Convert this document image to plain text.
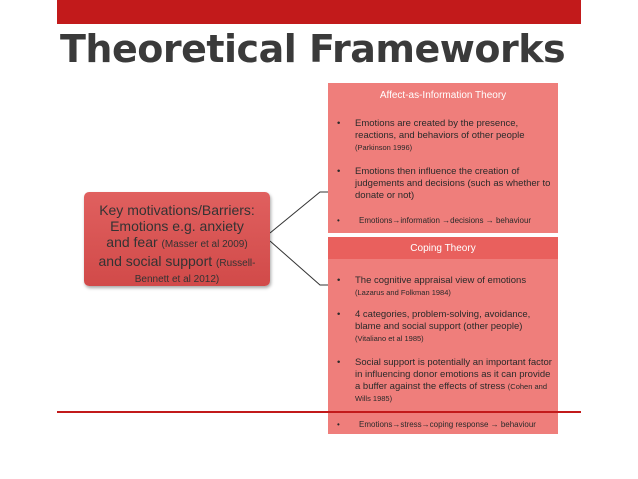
Theoretical Frameworks
Key motivations/Barriers:
Emotions e.g. anxiety
and fear (Masser et al 2009)
and social support (Russell-
Bennett et al 2012)
Affect-as-Information Theory
• Emotions are created by the presence, reactions, and behaviors of other people
(Parkinson 1996)
• Emotions then influence the creation of judgements and decisions (such as whether to donate or not)
• Emotions→information →decisions → behaviour
Coping Theory
• The cognitive appraisal view of emotions
(Lazarus and Folkman 1984)
• 4 categories, problem-solving, avoidance, blame and social support (other people)
(Vitaliano et al 1985)
• Social support is potentially an important factor in influencing donor emotions as it can provide a buffer against the effects of stress (Cohen and Wills 1985)
• Emotions→stress→coping response → behaviour
